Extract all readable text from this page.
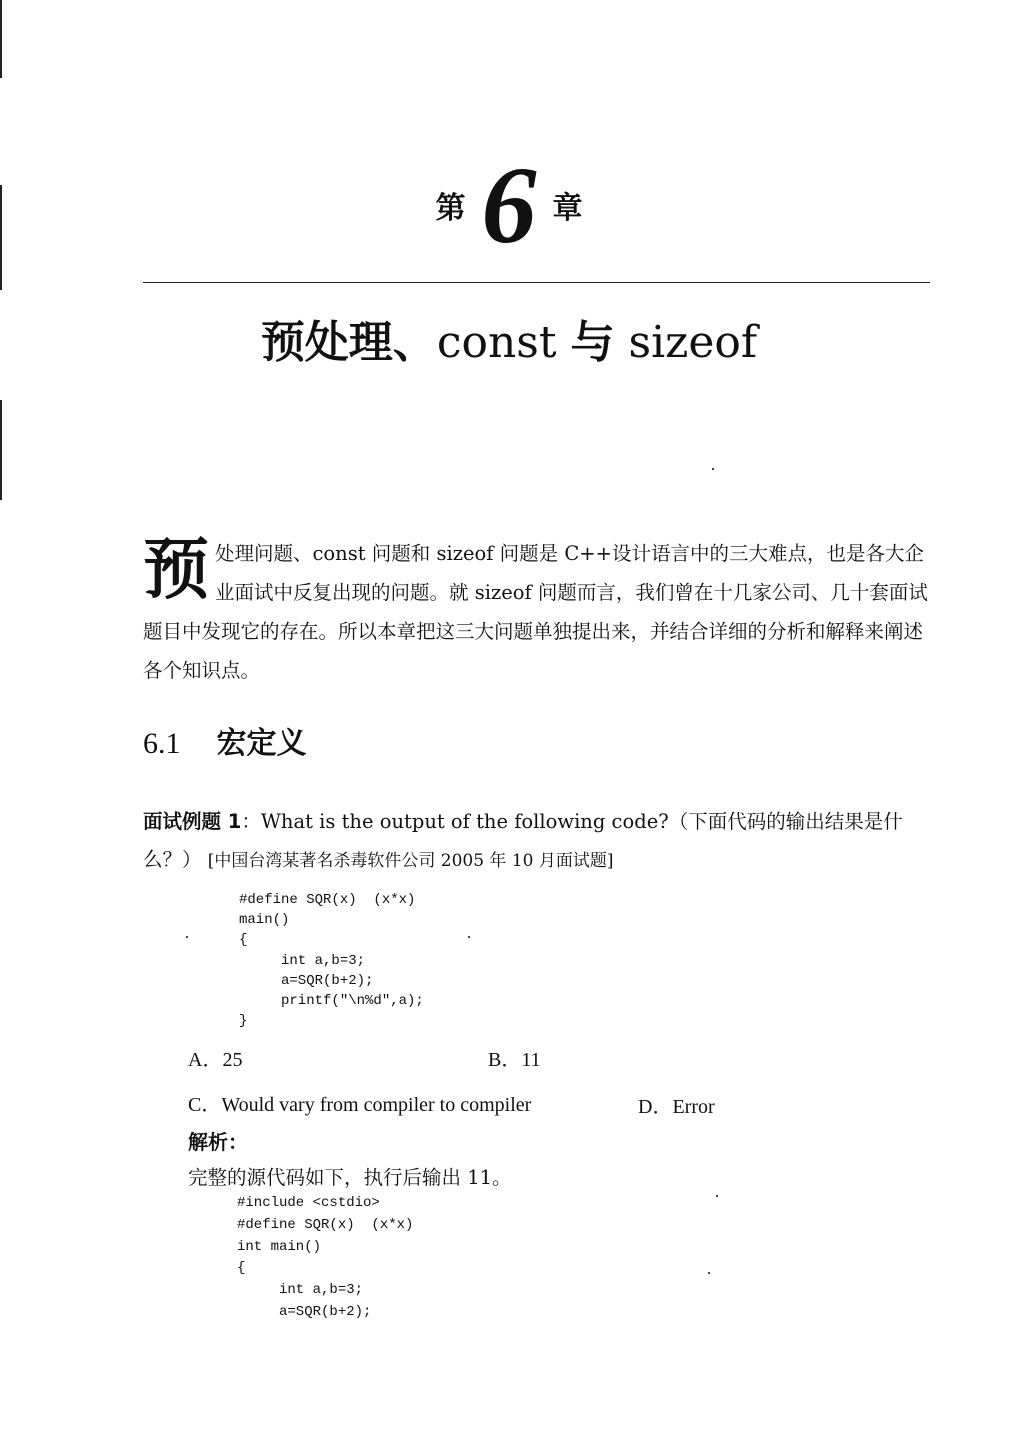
第 6 章
预处理、const 与 sizeof
预处理问题、const 问题和 sizeof 问题是 C++设计语言中的三大难点，也是各大企业面试中反复出现的问题。就 sizeof 问题而言，我们曾在十几家公司、几十套面试题目中发现它的存在。所以本章把这三大问题单独提出来，并结合详细的分析和解释来阐述各个知识点。
6.1 宏定义
面试例题 1：What is the output of the following code?（下面代码的输出结果是什么？） [中国台湾某著名杀毒软件公司 2005 年 10 月面试题]
#define SQR(x)  (x*x)
main()
{
int a,b=3;
a=SQR(b+2);
printf("\n%d",a);
}
A．25	B．11
C．Would vary from compiler to compiler	D．Error
解析：
完整的源代码如下，执行后输出 11。
#include <cstdio>
#define SQR(x)  (x*x)
int main()
{
int a,b=3;
a=SQR(b+2);
